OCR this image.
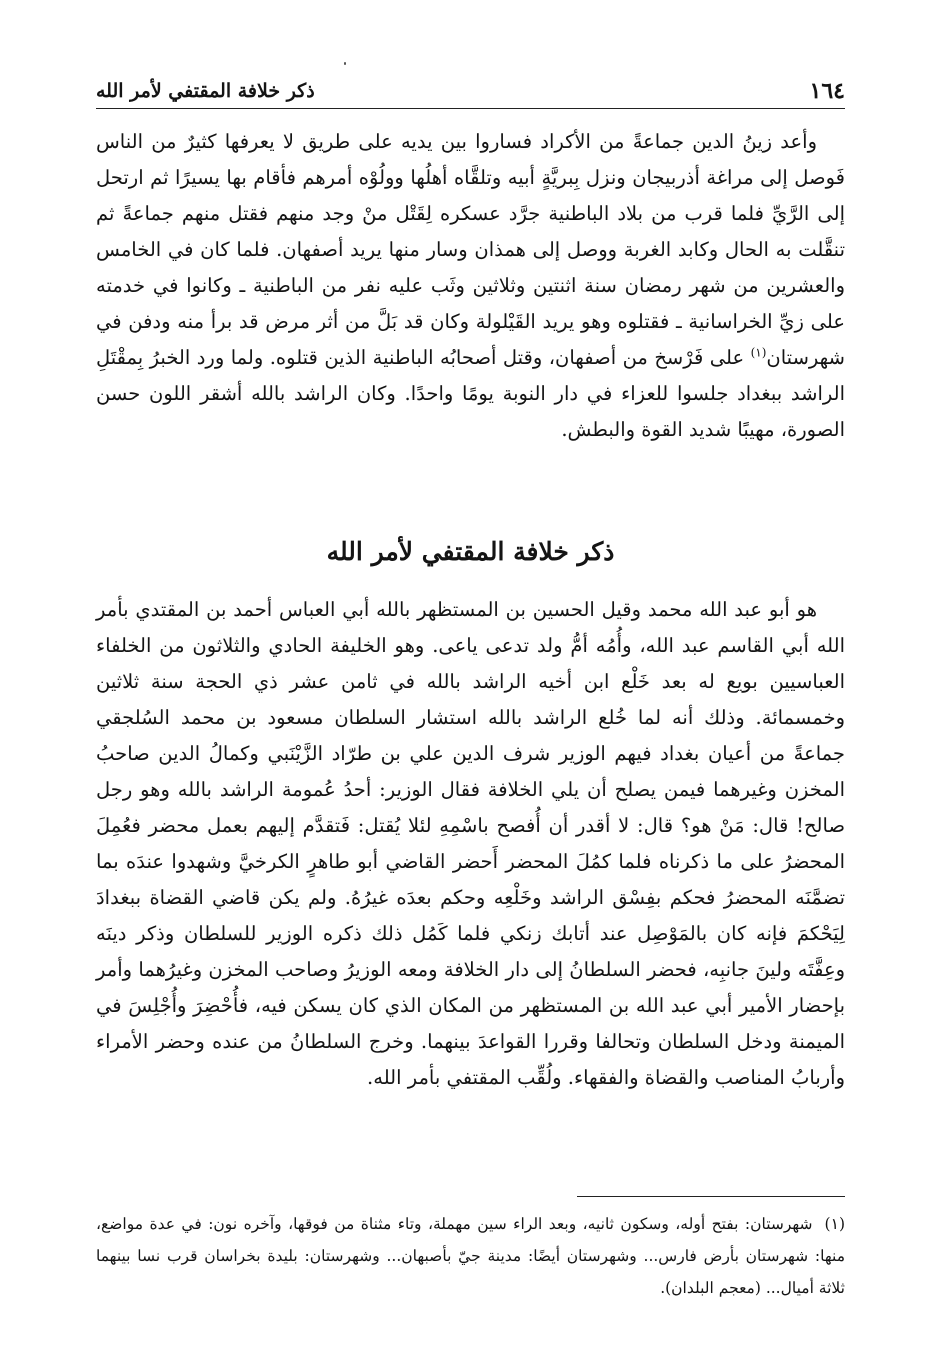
١٦٤
ذكر خلافة المقتفي لأمر الله

وأعد زينُ الدين جماعةً من الأكراد فساروا بين يديه على طريق لا يعرفها كثيرٌ من الناس فَوصل إلى مراغة أذربيجان ونزل بِبريَّةٍ أبيه وتلقَّاه أهلُها وولُوْه أمرهم فأقام بها يسيرًا ثم ارتحل إلى الرَّيِّ فلما قرب من بلاد الباطنية جرَّد عسكره لِقَتْل منْ وجد منهم فقتل منهم جماعةً ثم تنقَّلت به الحال وكابد الغربة ووصل إلى همذان وسار منها يريد أصفهان. فلما كان في الخامس والعشرين من شهر رمضان سنة اثنتين وثلاثين وثَب عليه نفر من الباطنية ـ وكانوا في خدمته على زيِّ الخراسانية ـ فقتلوه وهو يريد القَيْلولة وكان قد بَلَّ من أثر مرض قد برأ منه ودفن في شهرستان$^{(١)}$ على فَرْسخ من أصفهان، وقتل أصحابُه الباطنية الذين قتلوه. ولما ورد الخبرُ بِمقْتَلِ الراشد ببغداد جلسوا للعزاء في دار النوبة يومًا واحدًا. وكان الراشد بالله أشقر اللون حسن الصورة، مهيبًا شديد القوة والبطش.

ذكر خلافة المقتفي لأمر الله

هو أبو عبد الله محمد وقيل الحسين بن المستظهر بالله أبي العباس أحمد بن المقتدي بأمر الله أبي القاسم عبد الله، وأُمُه أمُّ ولد تدعى ياعى. وهو الخليفة الحادي والثلاثون من الخلفاء العباسيين بويع له بعد خَلْع ابن أخيه الراشد بالله في ثامن عشر ذي الحجة سنة ثلاثين وخمسمائة. وذلك أنه لما خُلع الراشد بالله استشار السلطان مسعود بن محمد السُلجقي جماعةً من أعيان بغداد فيهم الوزير شرف الدين علي بن طرّاد الزَّيْنَبي وكمالُ الدين صاحبُ المخزن وغيرهما فيمن يصلح أن يلي الخلافة فقال الوزير: أحدُ عُمومة الراشد بالله وهو رجل صالح! قال: مَنْ هو؟ قال: لا أقدر أن أُفصح باسْمِهِ لئلا يُقتل: فَتقدَّم إليهم بعمل محضر فعُمِلَ المحضرُ على ما ذكرناه فلما كمُلَ المحضر أَحضر القاضي أبو طاهرٍ الكرخيَّ وشهدوا عندَه بما تضمَّنَه المحضرُ فحكم بفِسْق الراشد وخَلْعِه وحكم بعدَه غيرُهُ. ولم يكن قاضي القضاة ببغدادَ لِيَحْكمَ فإنه كان بالمَوْصِل عند أتابك زنكي فلما كَمُل ذلك ذكره الوزير للسلطان وذكر دينَه وعِفَّتَه ولينَ جانبِه، فحضر السلطانُ إلى دار الخلافة ومعه الوزيرُ وصاحب المخزن وغيرُهما وأمر بإحضار الأمير أبي عبد الله بن المستظهر من المكان الذي كان يسكن فيه، فأُحْضِرَ وأُجْلِسَ في الميمنة ودخل السلطان وتحالفا وقررا القواعدَ بينهما. وخرج السلطانُ من عنده وحضر الأمراء وأربابُ المناصب والقضاة والفقهاء. ولُقِّب المقتفي بأمر الله.

(١)شهرستان: بفتح أوله، وسكون ثانيه، وبعد الراء سين مهملة، وتاء مثناة من فوقها، وآخره نون: في عدة مواضع، منها: شهرستان بأرض فارس... وشهرستان أيضًا: مدينة جيّ بأصبهان... وشهرستان: بليدة بخراسان قرب نسا بينهما ثلاثة أميال... (معجم البلدان).
